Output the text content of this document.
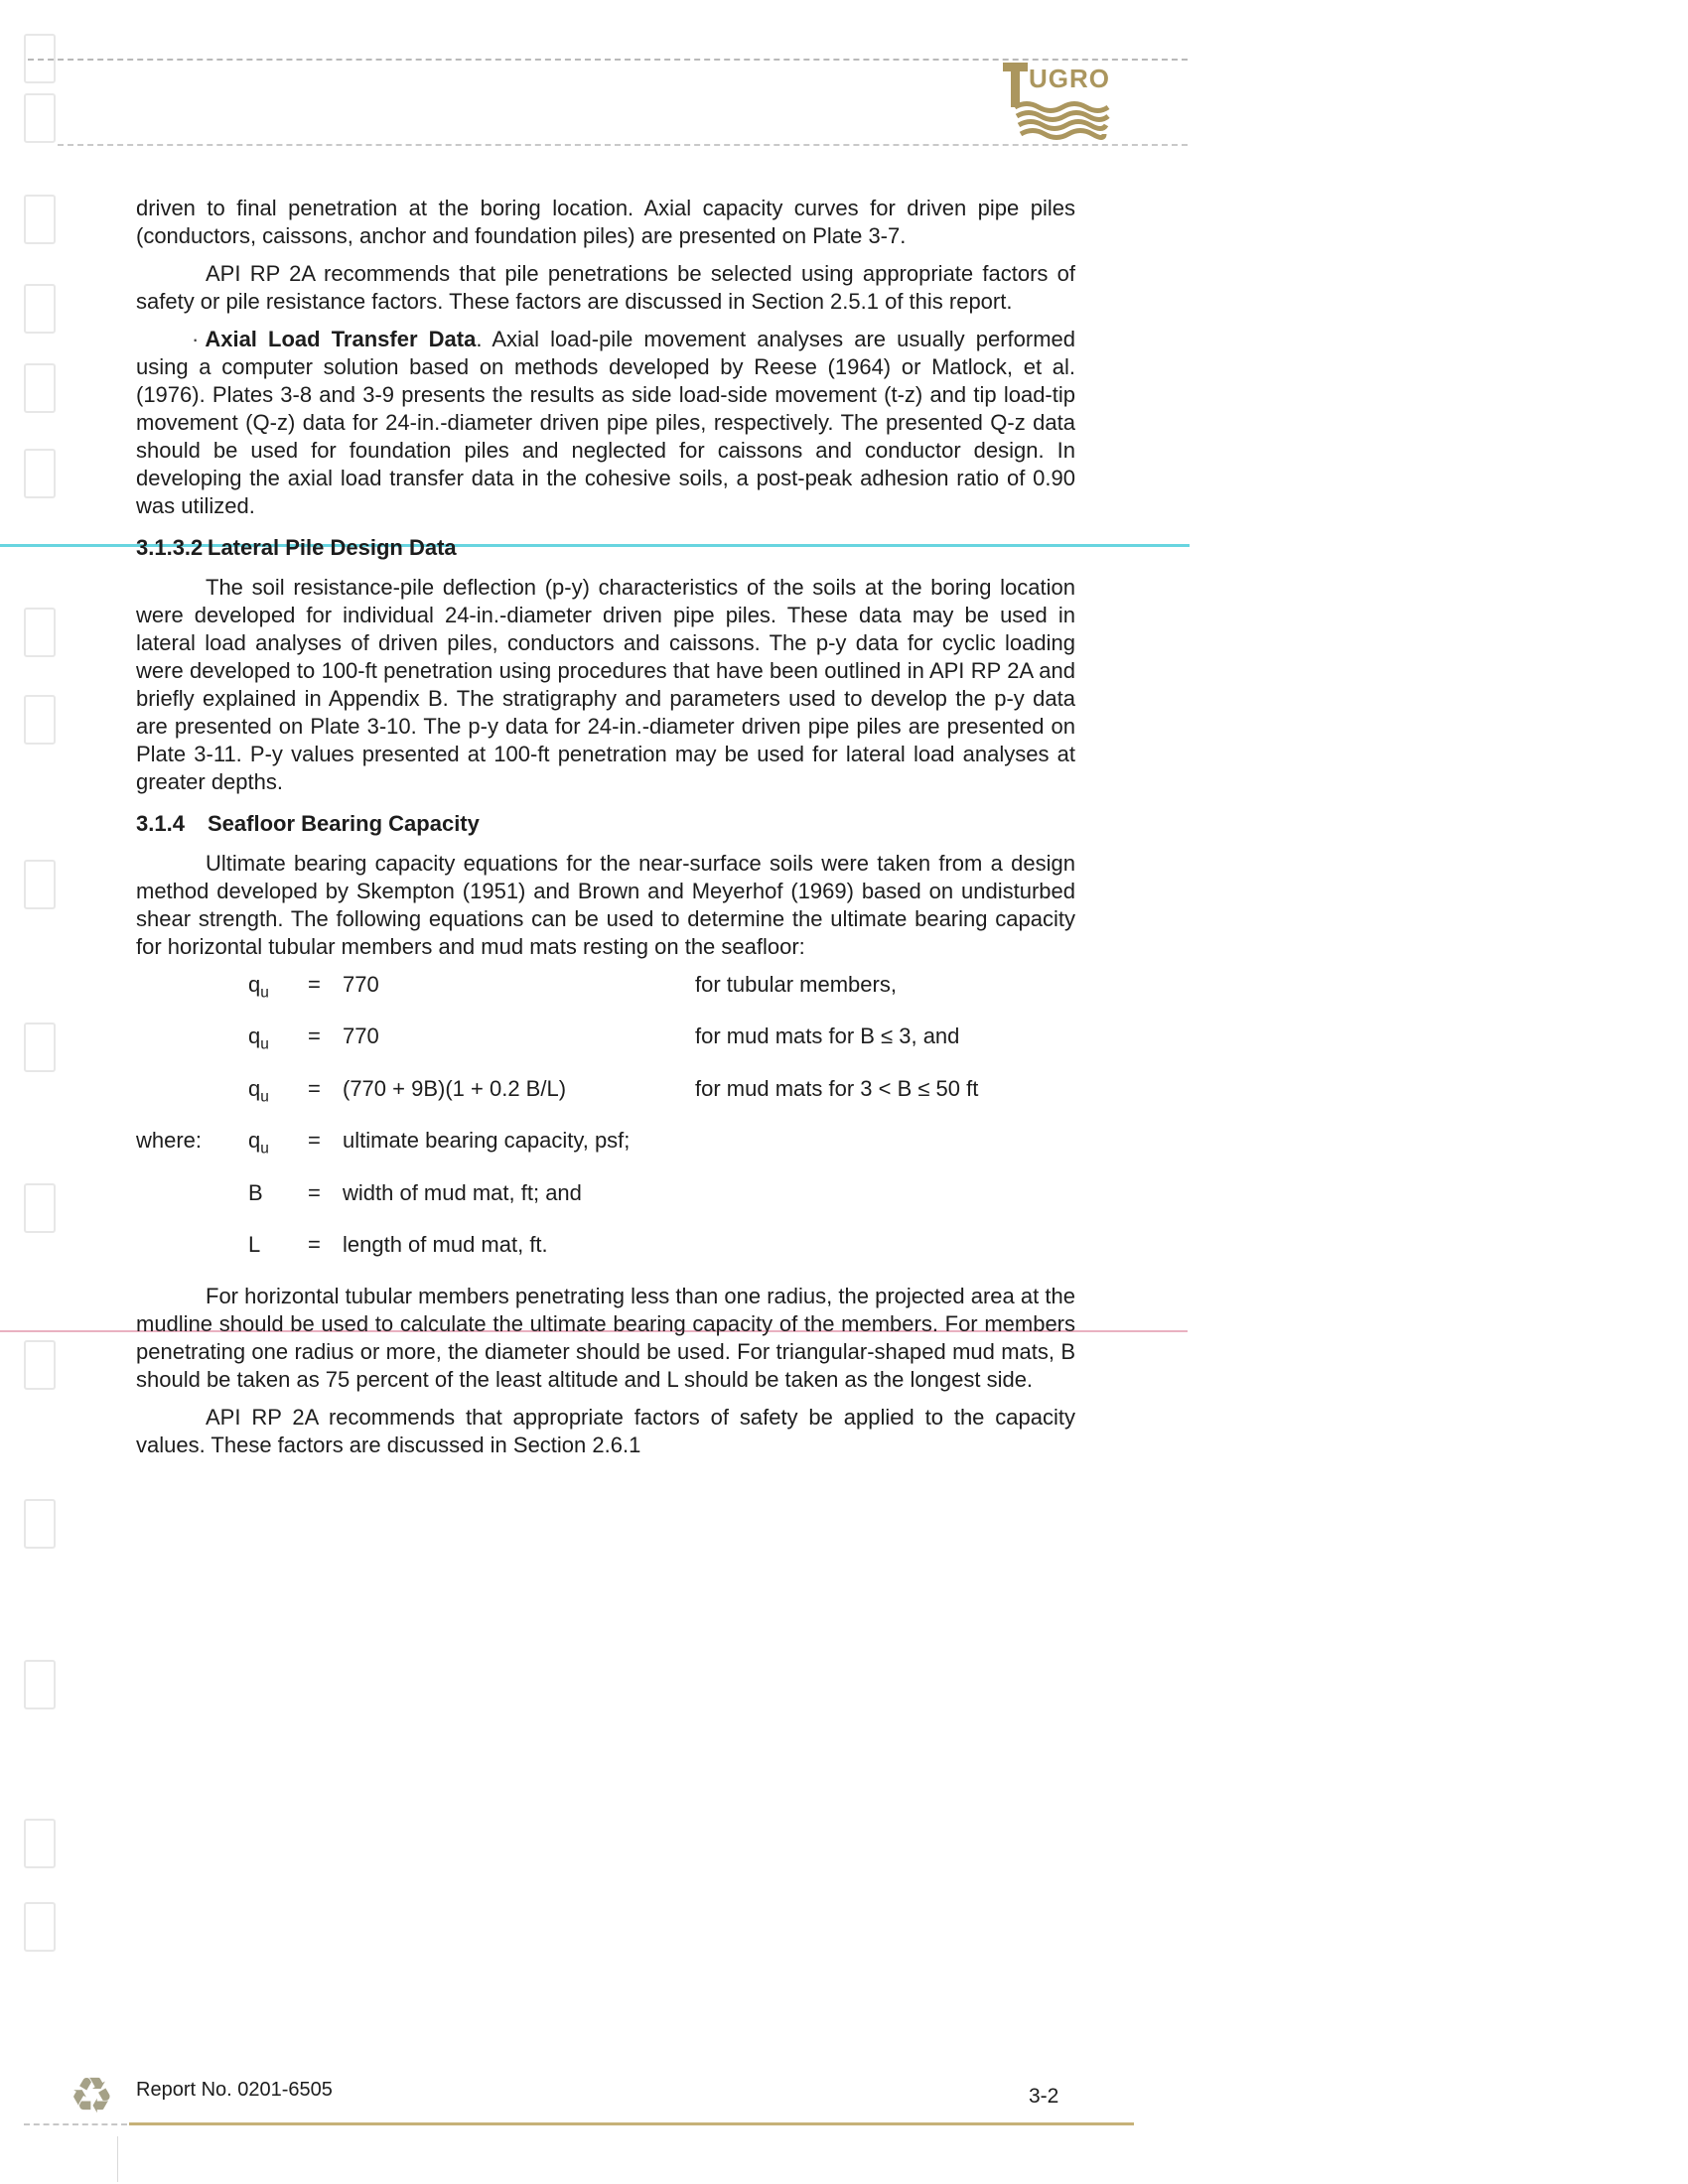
UGRO

driven to final penetration at the boring location. Axial capacity curves for driven pipe piles (conductors, caissons, anchor and foundation piles) are presented on Plate 3-7.

API RP 2A recommends that pile penetrations be selected using appropriate factors of safety or pile resistance factors. These factors are discussed in Section 2.5.1 of this report.

· Axial Load Transfer Data. Axial load-pile movement analyses are usually performed using a computer solution based on methods developed by Reese (1964) or Matlock, et al. (1976). Plates 3-8 and 3-9 presents the results as side load-side movement (t-z) and tip load-tip movement (Q-z) data for 24-in.-diameter driven pipe piles, respectively. The presented Q-z data should be used for foundation piles and neglected for caissons and conductor design. In developing the axial load transfer data in the cohesive soils, a post-peak adhesion ratio of 0.90 was utilized.

3.1.3.2 Lateral Pile Design Data

The soil resistance-pile deflection (p-y) characteristics of the soils at the boring location were developed for individual 24-in.-diameter driven pipe piles. These data may be used in lateral load analyses of driven piles, conductors and caissons. The p-y data for cyclic loading were developed to 100-ft penetration using procedures that have been outlined in API RP 2A and briefly explained in Appendix B. The stratigraphy and parameters used to develop the p-y data are presented on Plate 3-10. The p-y data for 24-in.-diameter driven pipe piles are presented on Plate 3-11. P-y values presented at 100-ft penetration may be used for lateral load analyses at greater depths.

3.1.4	Seafloor Bearing Capacity

Ultimate bearing capacity equations for the near-surface soils were taken from a design method developed by Skempton (1951) and Brown and Meyerhof (1969) based on undisturbed shear strength. The following equations can be used to determine the ultimate bearing capacity for horizontal tubular members and mud mats resting on the seafloor:

$q_u$	=	770	for tubular members,
$q_u$	=	770	for mud mats for B ≤ 3, and
$q_u$	=	(770 + 9B)(1 + 0.2 B/L)	for mud mats for 3 < B ≤ 50 ft
where:	$q_u$	=	ultimate bearing capacity, psf;
B	=	width of mud mat, ft; and
L	=	length of mud mat, ft.

For horizontal tubular members penetrating less than one radius, the projected area at the mudline should be used to calculate the ultimate bearing capacity of the members. For members penetrating one radius or more, the diameter should be used. For triangular-shaped mud mats, B should be taken as 75 percent of the least altitude and L should be taken as the longest side.

API RP 2A recommends that appropriate factors of safety be applied to the capacity values. These factors are discussed in Section 2.6.1

♻ Report No. 0201-6505	3-2
